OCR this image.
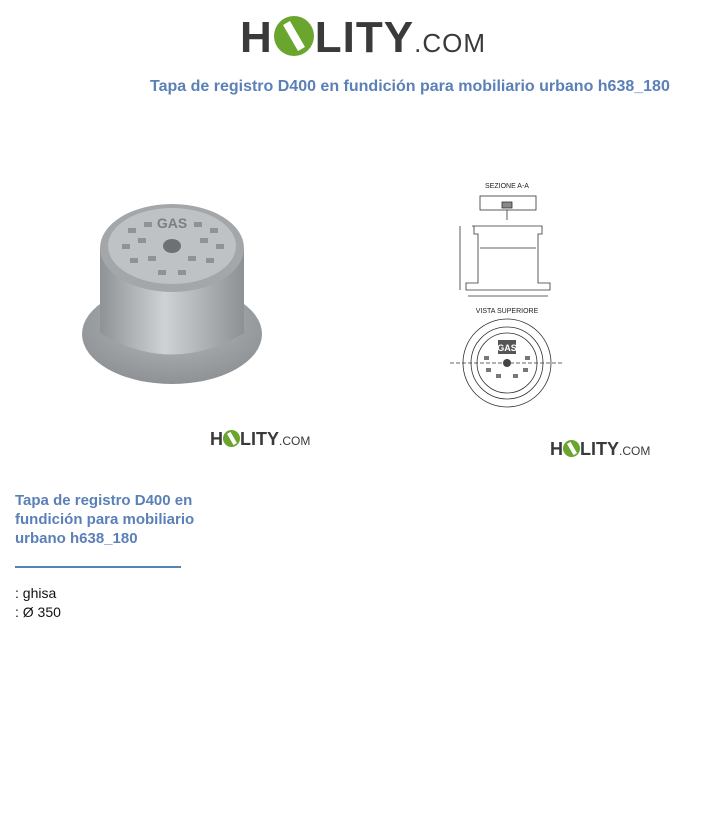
H LITY .COM
Tapa de registro D400 en fundición para mobiliario urbano h638_180
GAS
SEZIONE A-A
VISTA SUPERIORE
GAS
H LITY .COM	H LITY .COM
Tapa de registro D400 en fundición para mobiliario urbano h638_180
: ghisa
: Ø 350
